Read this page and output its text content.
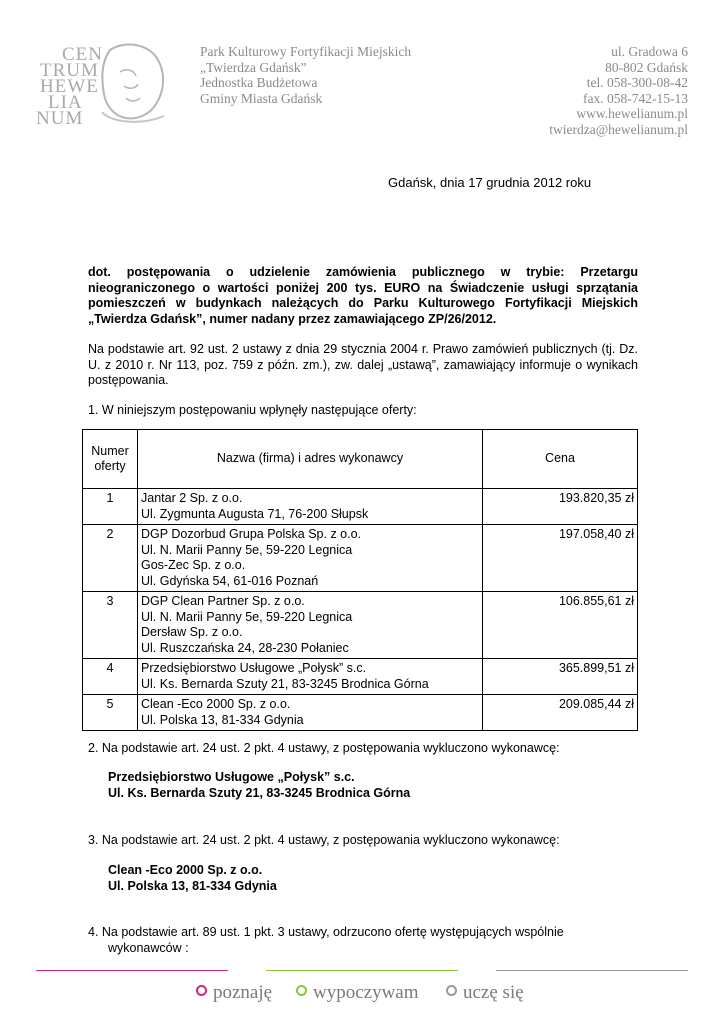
CEN
TRUM
HEWE
LIA
NUM
Park Kulturowy Fortyfikacji Miejskich
„Twierdza Gdańsk”
Jednostka Budżetowa
Gminy Miasta Gdańsk
ul. Gradowa 6
80-802 Gdańsk
tel. 058-300-08-42
fax. 058-742-15-13
www.hewelianum.pl
twierdza@hewelianum.pl
Gdańsk, dnia 17 grudnia 2012 roku
dot. postępowania o udzielenie zamówienia publicznego w trybie: Przetargu nieograniczonego o wartości poniżej 200 tys. EURO na Świadczenie usługi sprzątania pomieszczeń w budynkach należących do Parku Kulturowego Fortyfikacji Miejskich „Twierdza Gdańsk”, numer nadany przez zamawiającego ZP/26/2012.
Na podstawie art. 92 ust. 2 ustawy z dnia 29 stycznia 2004 r. Prawo zamówień publicznych (tj. Dz. U. z 2010 r. Nr 113, poz. 759 z późn. zm.), zw. dalej „ustawą”, zamawiający informuje o wynikach postępowania.
1. W niniejszym postępowaniu wpłynęły następujące oferty:
Numer
oferty	Nazwa (firma) i adres wykonawcy	Cena
1	Jantar 2 Sp. z o.o.
Ul. Zygmunta Augusta 71, 76-200 Słupsk	193.820,35 zł
2	DGP Dozorbud Grupa Polska Sp. z o.o.
Ul. N. Marii Panny 5e, 59-220 Legnica
Gos-Zec Sp. z o.o.
Ul. Gdyńska 54, 61-016 Poznań	197.058,40 zł
3	DGP Clean Partner Sp. z o.o.
Ul. N. Marii Panny 5e, 59-220 Legnica
Dersław Sp. z o.o.
Ul. Ruszczańska 24, 28-230 Połaniec	106.855,61 zł
4	Przedsiębiorstwo Usługowe „Połysk” s.c.
Ul. Ks. Bernarda Szuty 21, 83-3245 Brodnica Górna	365.899,51 zł
5	Clean -Eco 2000 Sp. z o.o.
Ul. Polska 13, 81-334 Gdynia	209.085,44 zł
2. Na podstawie art. 24 ust. 2 pkt. 4 ustawy, z postępowania wykluczono wykonawcę:
Przedsiębiorstwo Usługowe „Połysk” s.c.
Ul. Ks. Bernarda Szuty 21, 83-3245 Brodnica Górna
3. Na podstawie art. 24 ust. 2 pkt. 4 ustawy, z postępowania wykluczono wykonawcę:
Clean -Eco 2000 Sp. z o.o.
Ul. Polska 13, 81-334 Gdynia
4. Na podstawie art. 89 ust. 1 pkt. 3 ustawy, odrzucono ofertę występujących wspólnie
wykonawców :
poznaję	wypoczywam	uczę się
